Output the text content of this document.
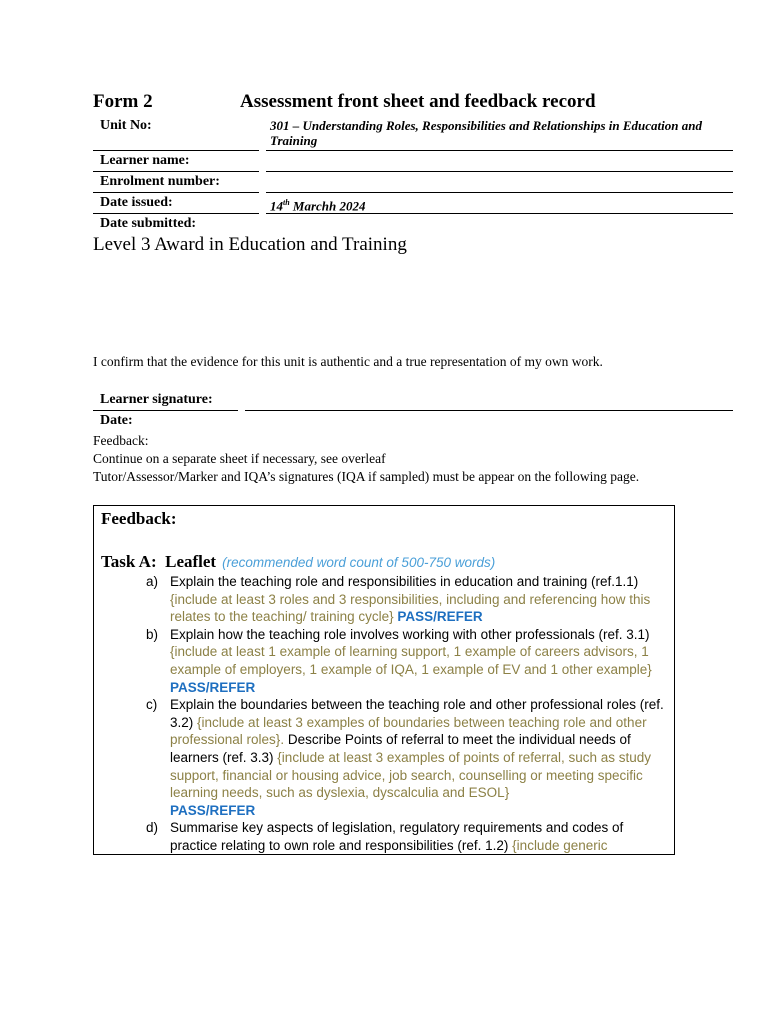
Form 2	Assessment front sheet and feedback record
Unit No:	301 – Understanding Roles, Responsibilities and Relationships in Education and Training
Learner name:
Enrolment number:
Date issued:	14th Marchh 2024
Date submitted:
Level 3 Award in Education and Training
I confirm that the evidence for this unit is authentic and a true representation of my own work.
Learner signature:
Date:
Feedback:
Continue on a separate sheet if necessary, see overleaf
Tutor/Assessor/Marker and IQA’s signatures (IQA if sampled) must be appear on the following page.
Feedback:
Task A: Leaflet (recommended word count of 500-750 words)
a) Explain the teaching role and responsibilities in education and training (ref.1.1) {include at least 3 roles and 3 responsibilities, including and referencing how this relates to the teaching/ training cycle} PASS/REFER
b) Explain how the teaching role involves working with other professionals (ref. 3.1) {include at least 1 example of learning support, 1 example of careers advisors, 1 example of employers, 1 example of IQA, 1 example of EV and 1 other example} PASS/REFER
c) Explain the boundaries between the teaching role and other professional roles (ref. 3.2) {include at least 3 examples of boundaries between teaching role and other professional roles}. Describe Points of referral to meet the individual needs of learners (ref. 3.3) {include at least 3 examples of points of referral, such as study support, financial or housing advice, job search, counselling or meeting specific learning needs, such as dyslexia, dyscalculia and ESOL}
PASS/REFER
d) Summarise key aspects of legislation, regulatory requirements and codes of practice relating to own role and responsibilities (ref. 1.2) {include generic
